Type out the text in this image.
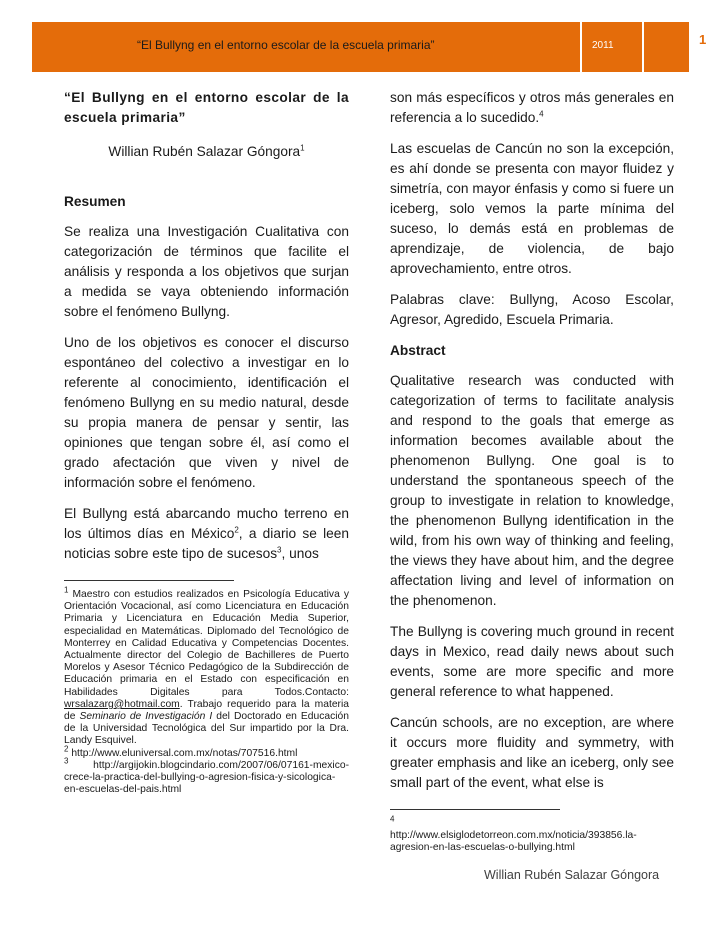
“El Bullyng en el entorno escolar de la escuela primaria”	2011	1

“El Bullyng en el entorno escolar de la escuela primaria”

Willian Rubén Salazar Góngora$^1$

Resumen

Se realiza una Investigación Cualitativa con categorización de términos que facilite el análisis y responda a los objetivos que surjan a medida se vaya obteniendo información sobre el fenómeno Bullyng.

Uno de los objetivos es conocer el discurso espontáneo del colectivo a investigar en lo referente al conocimiento, identificación el fenómeno Bullyng en su medio natural, desde su propia manera de pensar y sentir, las opiniones que tengan sobre él, así como el grado afectación que viven y nivel de información sobre el fenómeno.

El Bullyng está abarcando mucho terreno en los últimos días en México$^2$, a diario se leen noticias sobre este tipo de sucesos$^3$, unos

$^1$ Maestro con estudios realizados en Psicología Educativa y Orientación Vocacional, así como Licenciatura en Educación Primaria y Licenciatura en Educación Media Superior, especialidad en Matemáticas. Diplomado del Tecnológico de Monterrey en Calidad Educativa y Competencias Docentes. Actualmente director del Colegio de Bachilleres de Puerto Morelos y Asesor Técnico Pedagógico de la Subdirección de Educación primaria en el Estado con especificación en Habilidades Digitales para Todos.Contacto: wrsalazarg@hotmail.com. Trabajo requerido para la materia de Seminario de Investigación I del Doctorado en Educación de la Universidad Tecnológica del Sur impartido por la Dra. Landy Esquivel.

$^2$ http://www.eluniversal.com.mx/notas/707516.html

$^3$ http://argijokin.blogcindario.com/2007/06/07161-mexico-crece-la-practica-del-bullying-o-agresion-fisica-y-sicologica-en-escuelas-del-pais.html

son más específicos y otros más generales en referencia a lo sucedido.$^4$

Las escuelas de Cancún no son la excepción, es ahí donde se presenta con mayor fluidez y simetría, con mayor énfasis y como si fuere un iceberg, solo vemos la parte mínima del suceso, lo demás está en problemas de aprendizaje, de violencia, de bajo aprovechamiento, entre otros.

Palabras clave: Bullyng, Acoso Escolar, Agresor, Agredido, Escuela Primaria.

Abstract

Qualitative research was conducted with categorization of terms to facilitate analysis and respond to the goals that emerge as information becomes available about the phenomenon Bullyng. One goal is to understand the spontaneous speech of the group to investigate in relation to knowledge, the phenomenon Bullyng identification in the wild, from his own way of thinking and feeling, the views they have about him, and the degree affectation living and level of information on the phenomenon.

The Bullyng is covering much ground in recent days in Mexico, read daily news about such events, some are more specific and more general reference to what happened.

Cancún schools, are no exception, are where it occurs more fluidity and symmetry, with greater emphasis and like an iceberg, only see small part of the event, what else is

$^4$

http://www.elsiglodetorreon.com.mx/noticia/393856.la-agresion-en-las-escuelas-o-bullying.html

Willian Rubén Salazar Góngora
